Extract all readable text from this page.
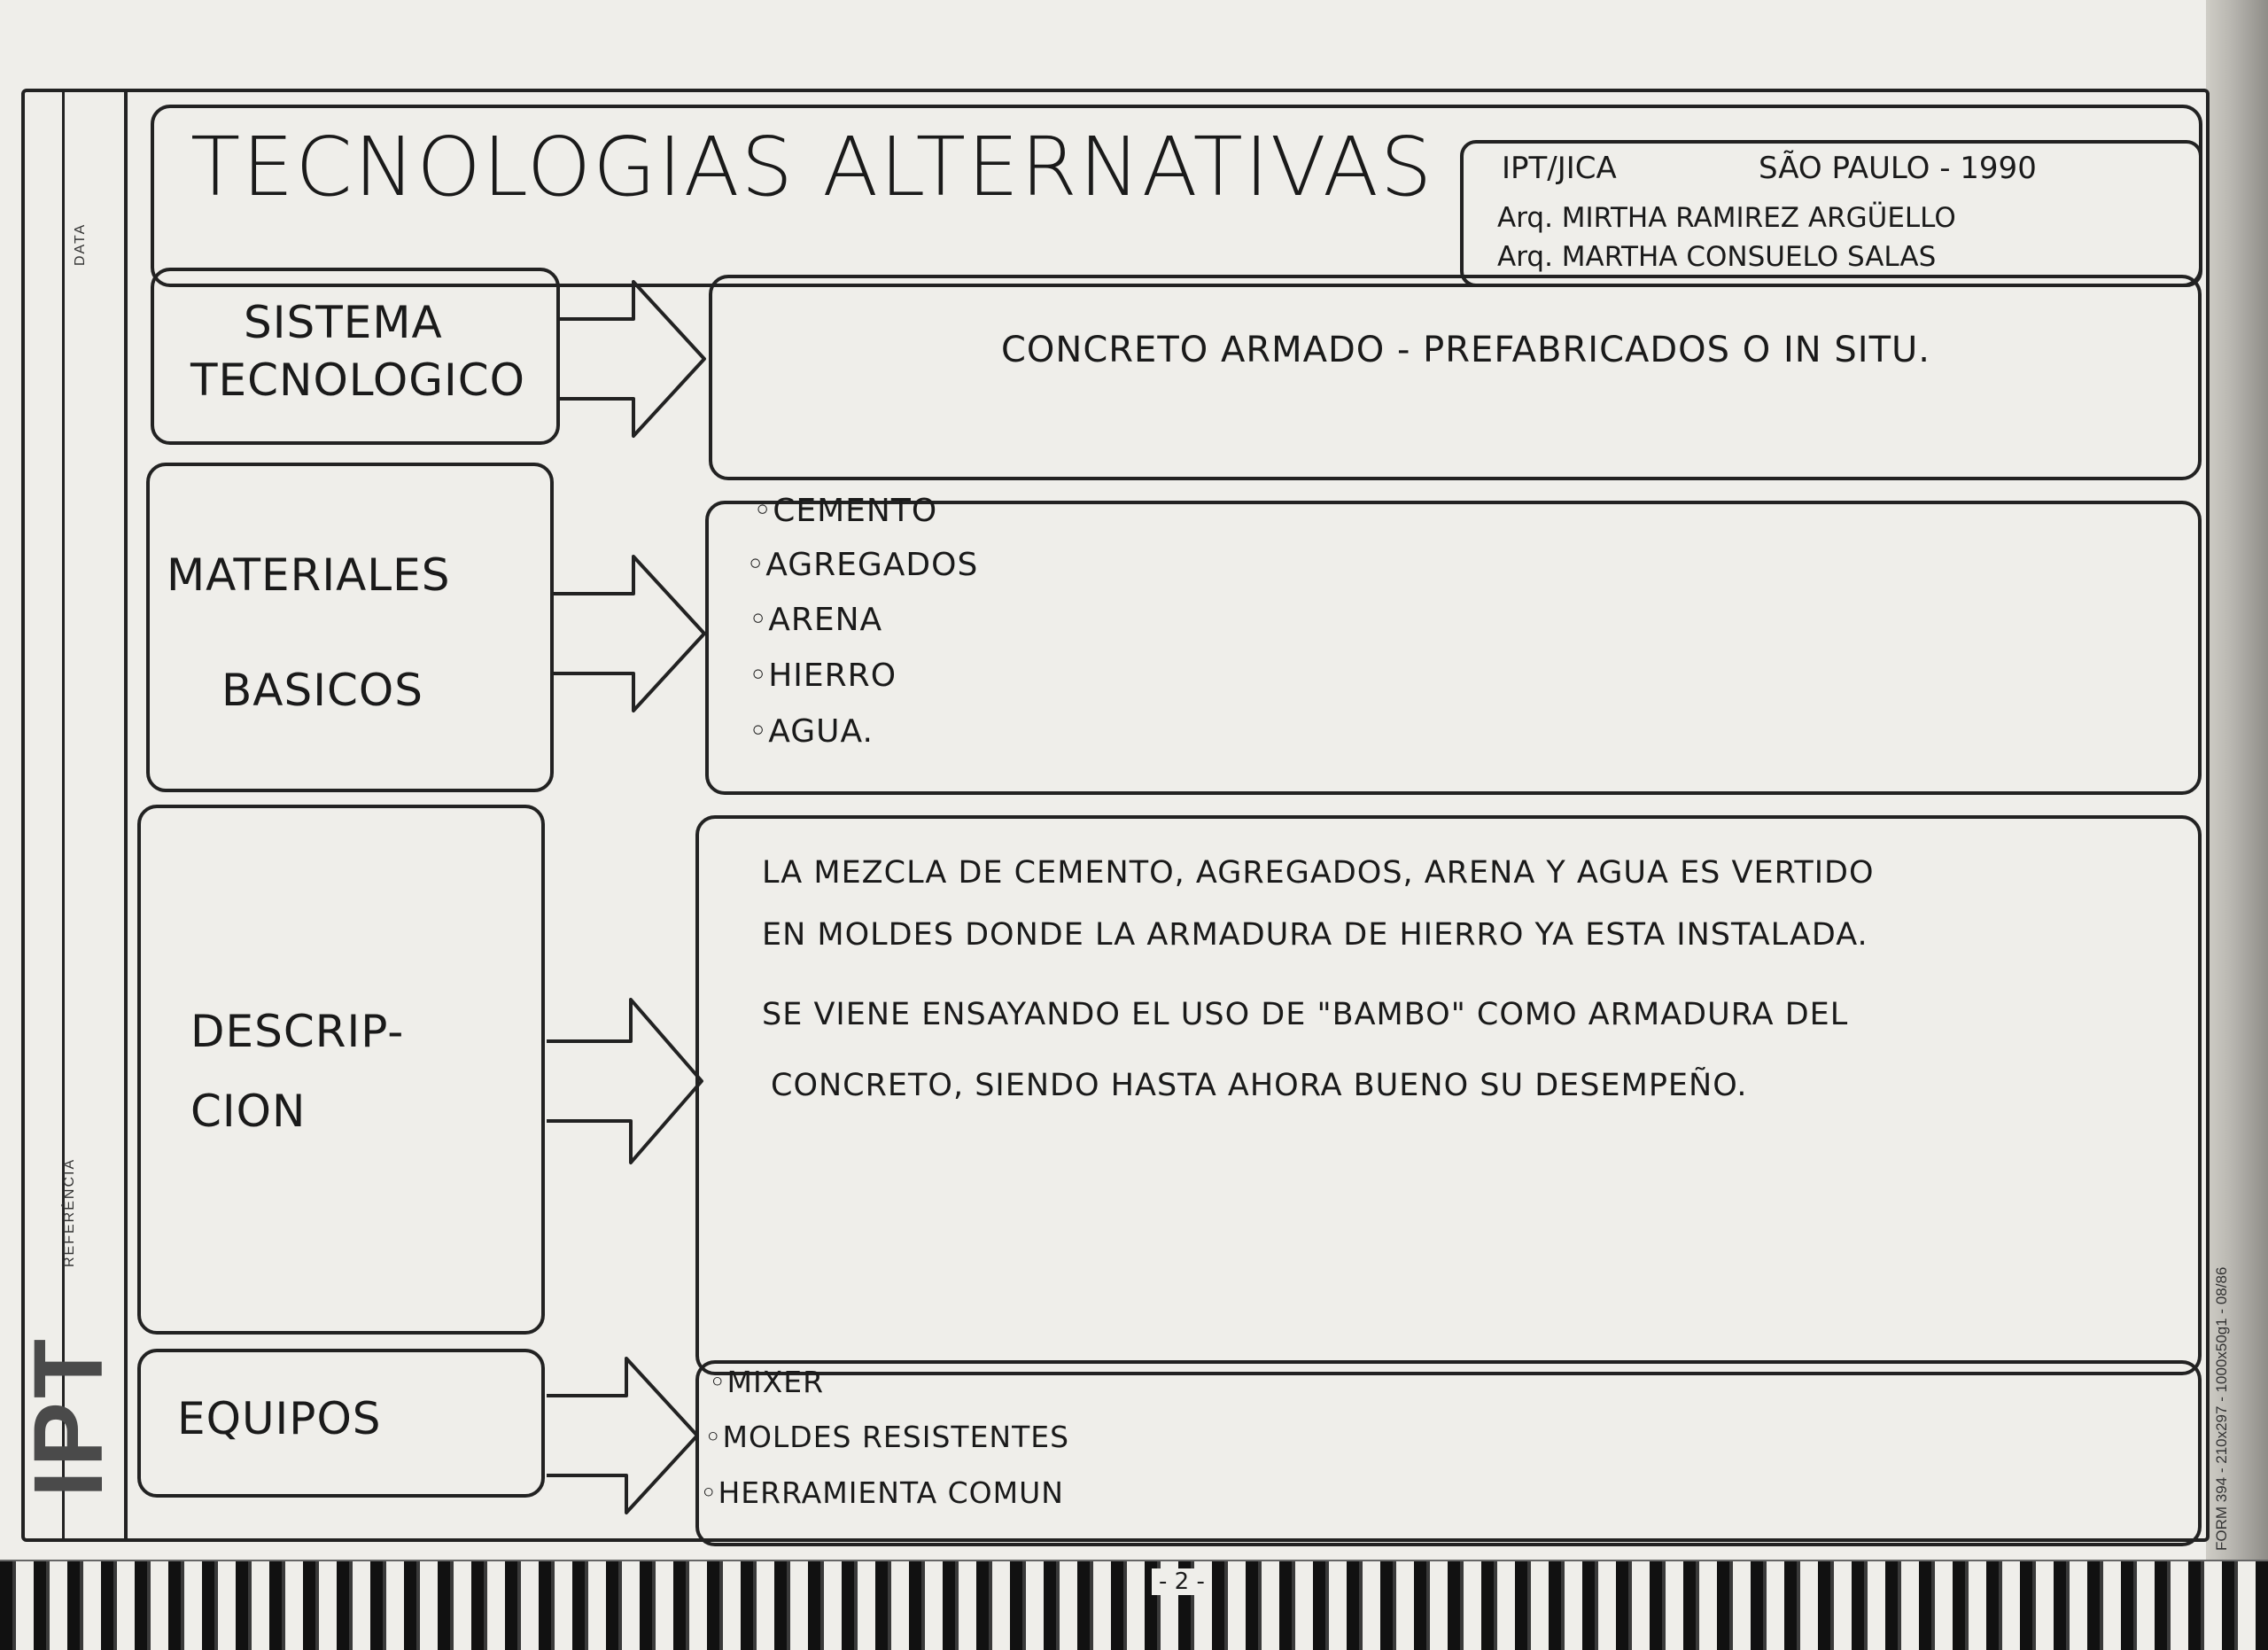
DATA
REFERÊNCIA
IPT	FORM 394 - 210x297 - 1000x50g1 - 08/86
TECNOLOGIAS ALTERNATIVAS IPT/JICA	SÃO PAULO - 1990
Arq. MIRTHA RAMIREZ ARGÜELLO
Arq. MARTHA CONSUELO SALAS
SISTEMA
TECNOLOGICO
CONCRETO ARMADO - PREFABRICADOS O IN SITU.
MATERIALES
BASICOS
◦ CEMENTO
◦ AGREGADOS
◦ ARENA
◦ HIERRO
◦ AGUA.
DESCRIP-
CION
LA MEZCLA DE CEMENTO, AGREGADOS, ARENA Y AGUA ES VERTIDO
EN MOLDES DONDE LA ARMADURA DE HIERRO YA ESTA INSTALADA.
SE VIENE ENSAYANDO EL USO DE "BAMBO" COMO ARMADURA DEL
CONCRETO, SIENDO HASTA AHORA BUENO SU DESEMPEÑO.
EQUIPOS
◦ MIXER
◦ MOLDES RESISTENTES
◦ HERRAMIENTA COMUN
- 2 -
